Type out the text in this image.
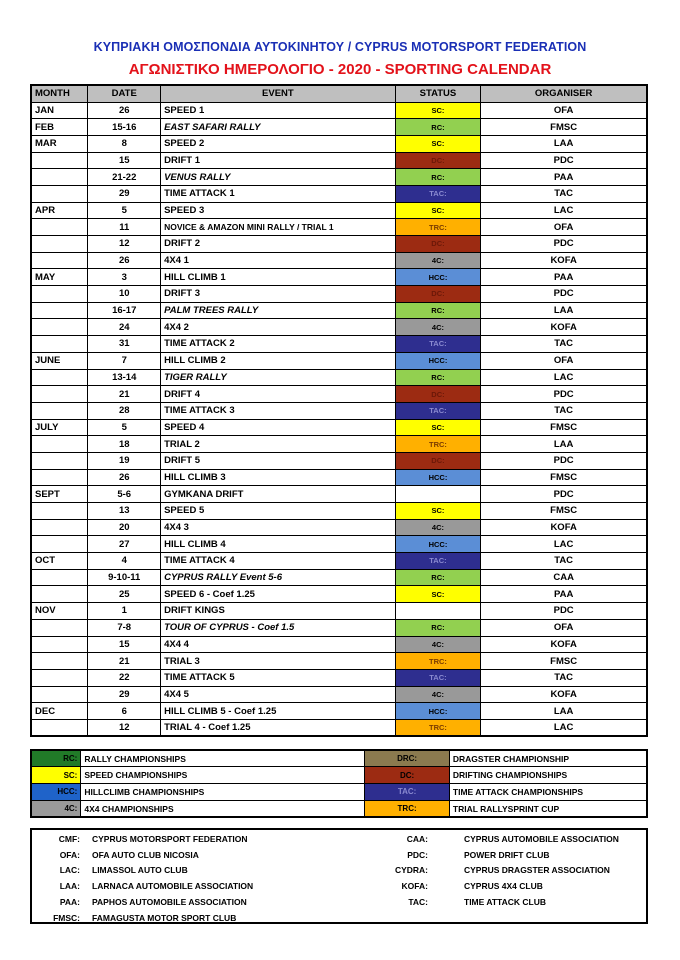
ΚΥΠΡΙΑΚΗ ΟΜΟΣΠΟΝΔΙΑ ΑΥΤΟΚΙΝΗΤΟΥ / CYPRUS MOTORSPORT FEDERATION
ΑΓΩΝΙΣΤΙΚΟ ΗΜΕΡΟΛΟΓΙΟ - 2020 - SPORTING CALENDAR
MONTH	DATE	EVENT	STATUS	ORGANISER
JAN	26	SPEED 1	SC:	OFA
FEB	15-16	EAST SAFARI RALLY	RC:	FMSC
MAR	8	SPEED 2	SC:	LAA
	15	DRIFT 1	DC:	PDC
	21-22	VENUS RALLY	RC:	PAA
	29	TIME ATTACK 1	TAC:	TAC
APR	5	SPEED 3	SC:	LAC
	11	NOVICE & AMAZON MINI RALLY / TRIAL 1	TRC:	OFA
	12	DRIFT 2	DC:	PDC
	26	4X4 1	4C:	KOFA
MAY	3	HILL CLIMB 1	HCC:	PAA
	10	DRIFT 3	DC:	PDC
	16-17	PALM TREES RALLY	RC:	LAA
	24	4X4 2	4C:	KOFA
	31	TIME ATTACK 2	TAC:	TAC
JUNE	7	HILL CLIMB 2	HCC:	OFA
	13-14	TIGER RALLY	RC:	LAC
	21	DRIFT 4	DC:	PDC
	28	TIME ATTACK 3	TAC:	TAC
JULY	5	SPEED 4	SC:	FMSC
	18	TRIAL 2	TRC:	LAA
	19	DRIFT 5	DC:	PDC
	26	HILL CLIMB 3	HCC:	FMSC
SEPT	5-6	GYMKANA DRIFT		PDC
	13	SPEED 5	SC:	FMSC
	20	4X4 3	4C:	KOFA
	27	HILL CLIMB 4	HCC:	LAC
OCT	4	TIME ATTACK 4	TAC:	TAC
	9-10-11	CYPRUS RALLY Event 5-6	RC:	CAA
	25	SPEED 6 - Coef 1.25	SC:	PAA
NOV	1	DRIFT KINGS		PDC
	7-8	TOUR OF CYPRUS - Coef 1.5	RC:	OFA
	15	4X4 4	4C:	KOFA
	21	TRIAL 3	TRC:	FMSC
	22	TIME ATTACK 5	TAC:	TAC
	29	4X4 5	4C:	KOFA
DEC	6	HILL CLIMB 5 - Coef 1.25	HCC:	LAA
	12	TRIAL 4 - Coef 1.25	TRC:	LAC
RC:	RALLY CHAMPIONSHIPS	DRC:	DRAGSTER CHAMPIONSHIP
SC:	SPEED CHAMPIONSHIPS	DC:	DRIFTING CHAMPIONSHIPS
HCC:	HILLCLIMB CHAMPIONSHIPS	TAC:	TIME ATTACK CHAMPIONSHIPS
4C:	4X4 CHAMPIONSHIPS	TRC:	TRIAL RALLYSPRINT CUP
CMF: CYPRUS MOTORSPORT FEDERATION
OFA: OFA AUTO CLUB NICOSIA
LAC: LIMASSOL AUTO CLUB
LAA: LARNACA AUTOMOBILE ASSOCIATION
PAA: PAPHOS AUTOMOBILE ASSOCIATION
FMSC: FAMAGUSTA MOTOR SPORT CLUB
CAA:	CYPRUS AUTOMOBILE ASSOCIATION
PDC:	POWER DRIFT CLUB
CYDRA:	CYPRUS DRAGSTER ASSOCIATION
KOFA:	CYPRUS 4X4 CLUB
TAC:	TIME ATTACK CLUB
